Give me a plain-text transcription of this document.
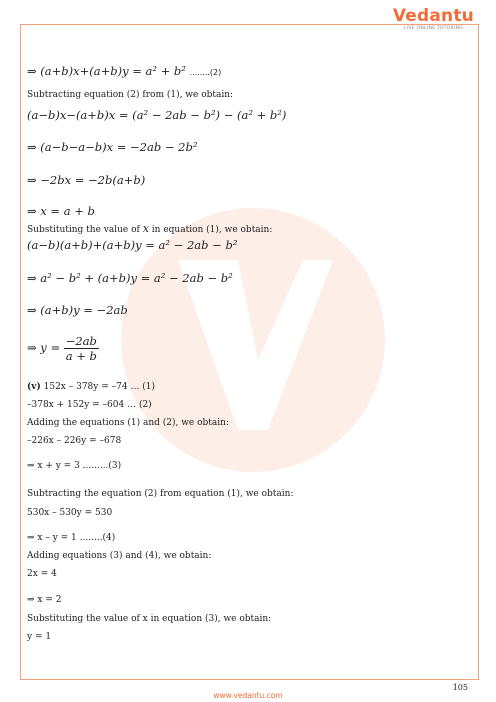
Vedantu
LIVE ONLINE TUTORING
⇒ (a+b)x+(a+b)y = a² + b² ........(2)
Subtracting equation (2) from (1), we obtain:
(a−b)x−(a+b)x = (a² − 2ab − b²) − (a² + b²)
⇒ (a−b−a−b)x = −2ab − 2b²
⇒ −2bx = −2b(a+b)
⇒ x = a + b
Substituting the value of x in equation (1), we obtain:
(a−b)(a+b)+(a+b)y = a² − 2ab − b²
⇒ a² − b² + (a+b)y = a² − 2ab − b²
⇒ (a+b)y = −2ab
⇒ $y = \frac{-2ab}{a + b}$
(v) 152x – 378y = –74 … (1)
–378x + 152y = –604 … (2)
Adding the equations (1) and (2), we obtain:
–226x – 226y = –678
⇒ x + y = 3 .........(3)
Subtracting the equation (2) from equation (1), we obtain:
530x – 530y = 530
⇒ x – y = 1 ........(4)
Adding equations (3) and (4), we obtain:
2x = 4
⇒ x = 2
Substituting the value of x in equation (3), we obtain:
y = 1
105
www.vedantu.com
